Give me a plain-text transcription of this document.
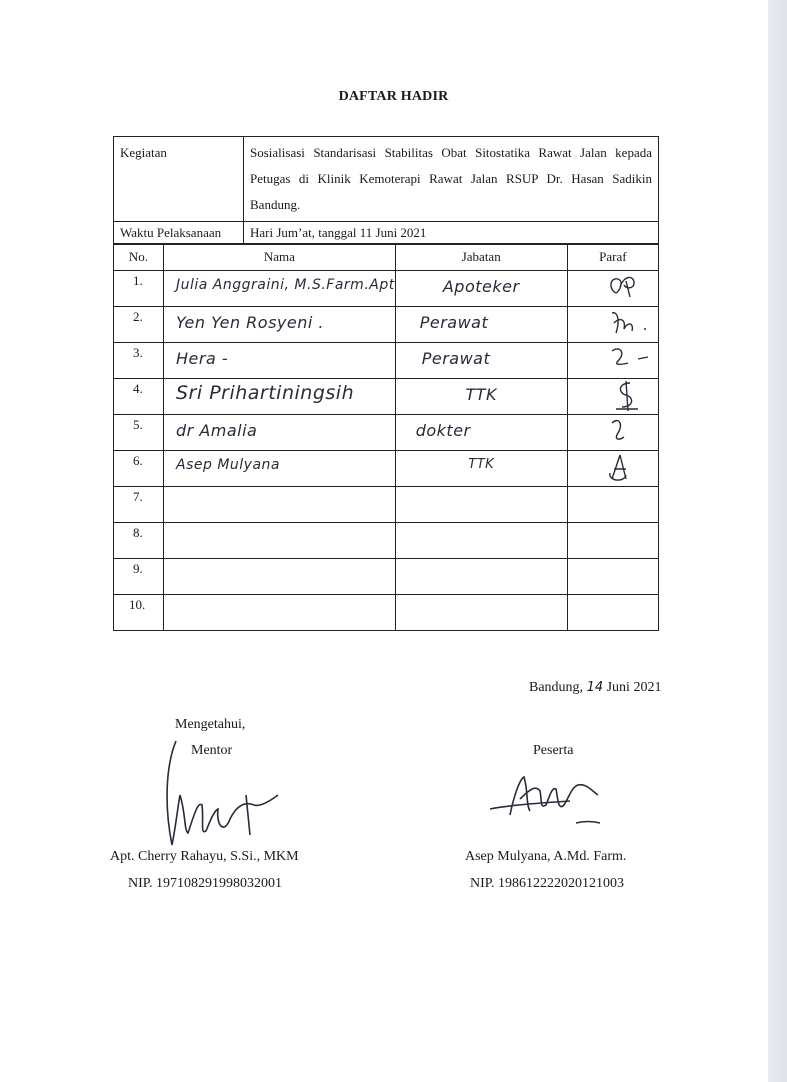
DAFTAR HADIR
Kegiatan	Sosialisasi Standarisasi Stabilitas Obat Sitostatika Rawat Jalan kepada Petugas di Klinik Kemoterapi Rawat Jalan RSUP Dr. Hasan Sadikin Bandung.
Waktu Pelaksanaan	Hari Jum’at, tanggal 11 Juni 2021
No.	Nama	Jabatan	Paraf
1.	Julia Anggraini, M.S.Farm.Apt	Apoteker

2.	Yen Yen Rosyeni .	Perawat

3.	Hera -	Perawat

4.	Sri Prihartiningsih	TTK

5.	dr Amalia	dokter

6.	Asep Mulyana	TTK

7.			
8.			
9.			
10.			
Bandung, 14 Juni 2021
Mengetahui,
Mentor	Peserta
Apt. Cherry Rahayu, S.Si., MKM
NIP. 197108291998032001
Asep Mulyana, A.Md. Farm.
NIP. 198612222020121003
